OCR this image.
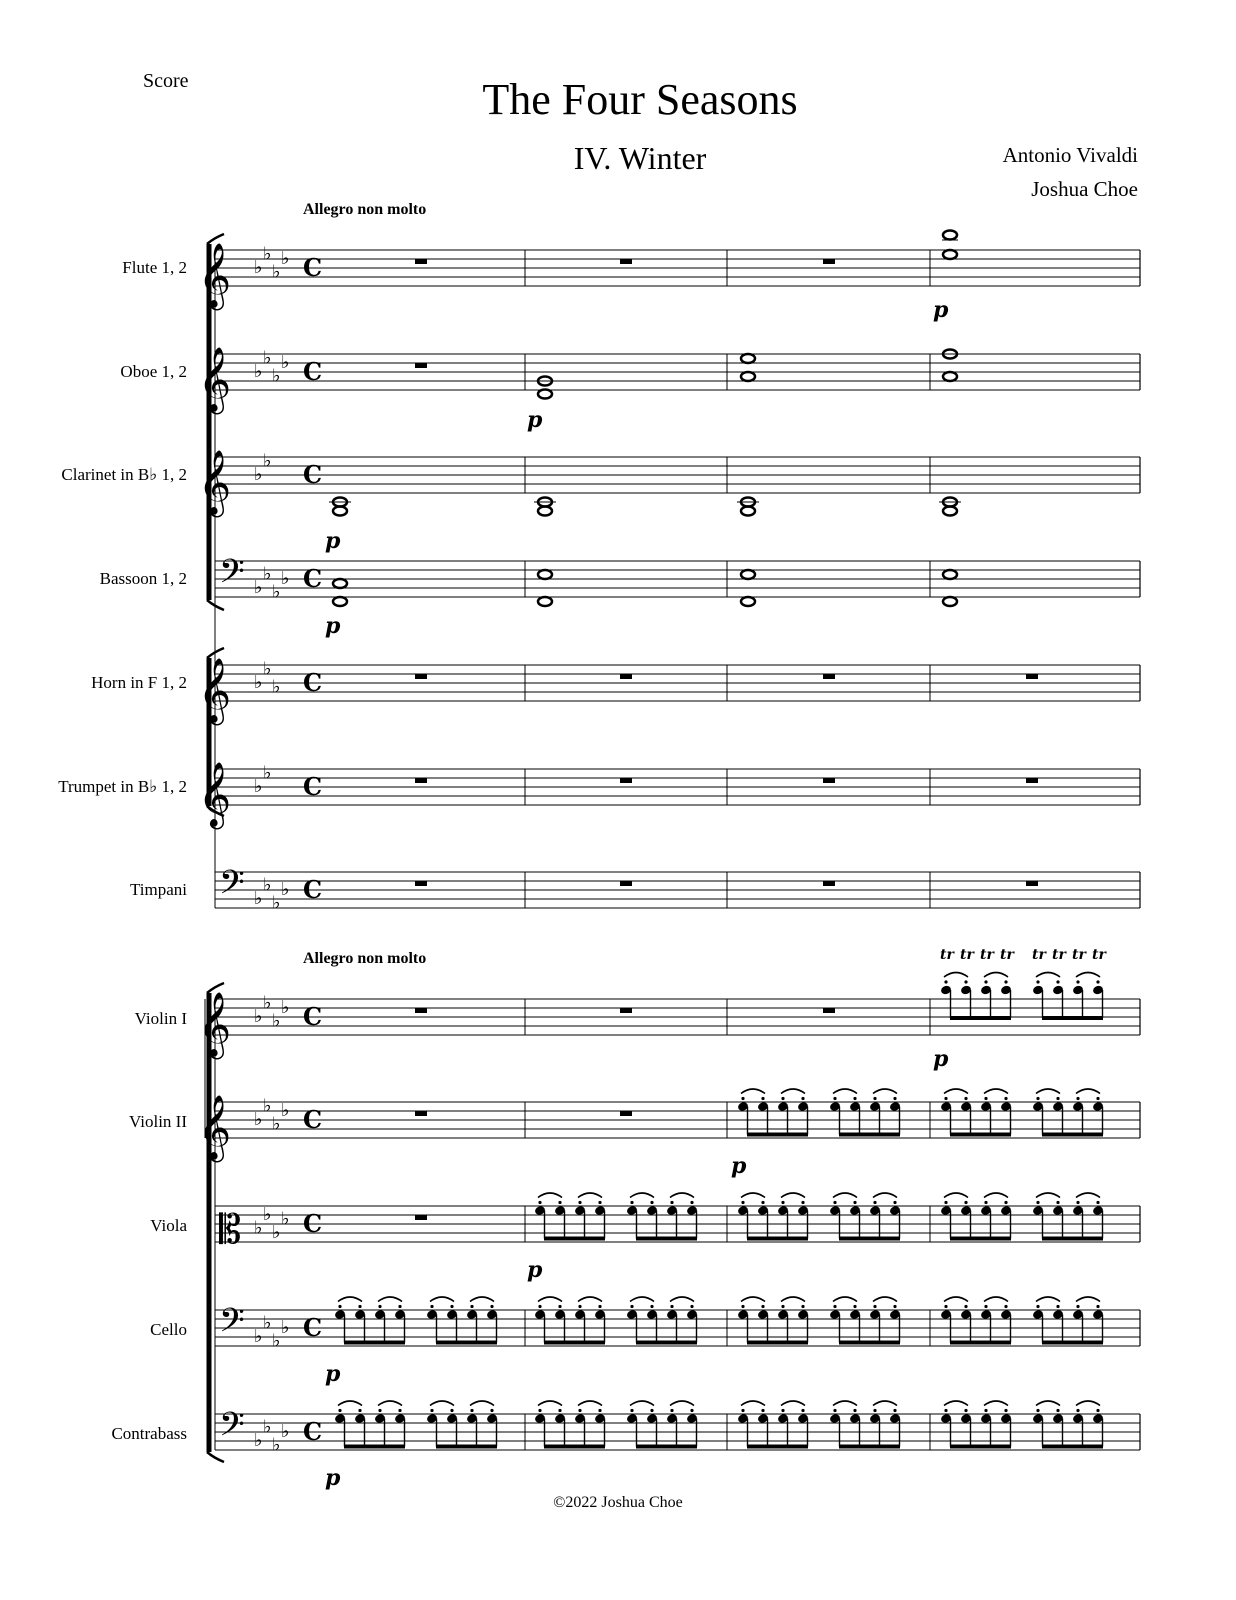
Score	The Four Seasons
IV. Winter	Antonio Vivaldi
Joshua Choe
Allegro non molto
Allegro non molto
Flute 1, 2
Oboe 1, 2
Clarinet in B♭ 1, 2
Bassoon 1, 2
Horn in F 1, 2
Trumpet in B♭ 1, 2
Timpani
Violin I
Violin II
Viola
Cello
Contrabass
𝄞 ♭
♭
♭
♭ C
𝄞 ♭
♭
♭
♭ C
𝄞 ♭
♭ C
𝄢 ♭
♭
♭
♭ C
𝄞 ♭
♭
♭ C
𝄞 ♭
♭ C
𝄢 ♭
♭
♭
♭ C
𝄞 ♭
♭
♭
♭ C
𝄞 ♭
♭
♭
♭ C
𝄡 ♭
♭
♭
♭ C
𝄢 ♭
♭
♭
♭ C
𝄢 ♭
♭
♭
♭ C
p
p
p
p
tr tr tr tr tr tr tr tr
p
p
p
p
p
©2022 Joshua Choe
